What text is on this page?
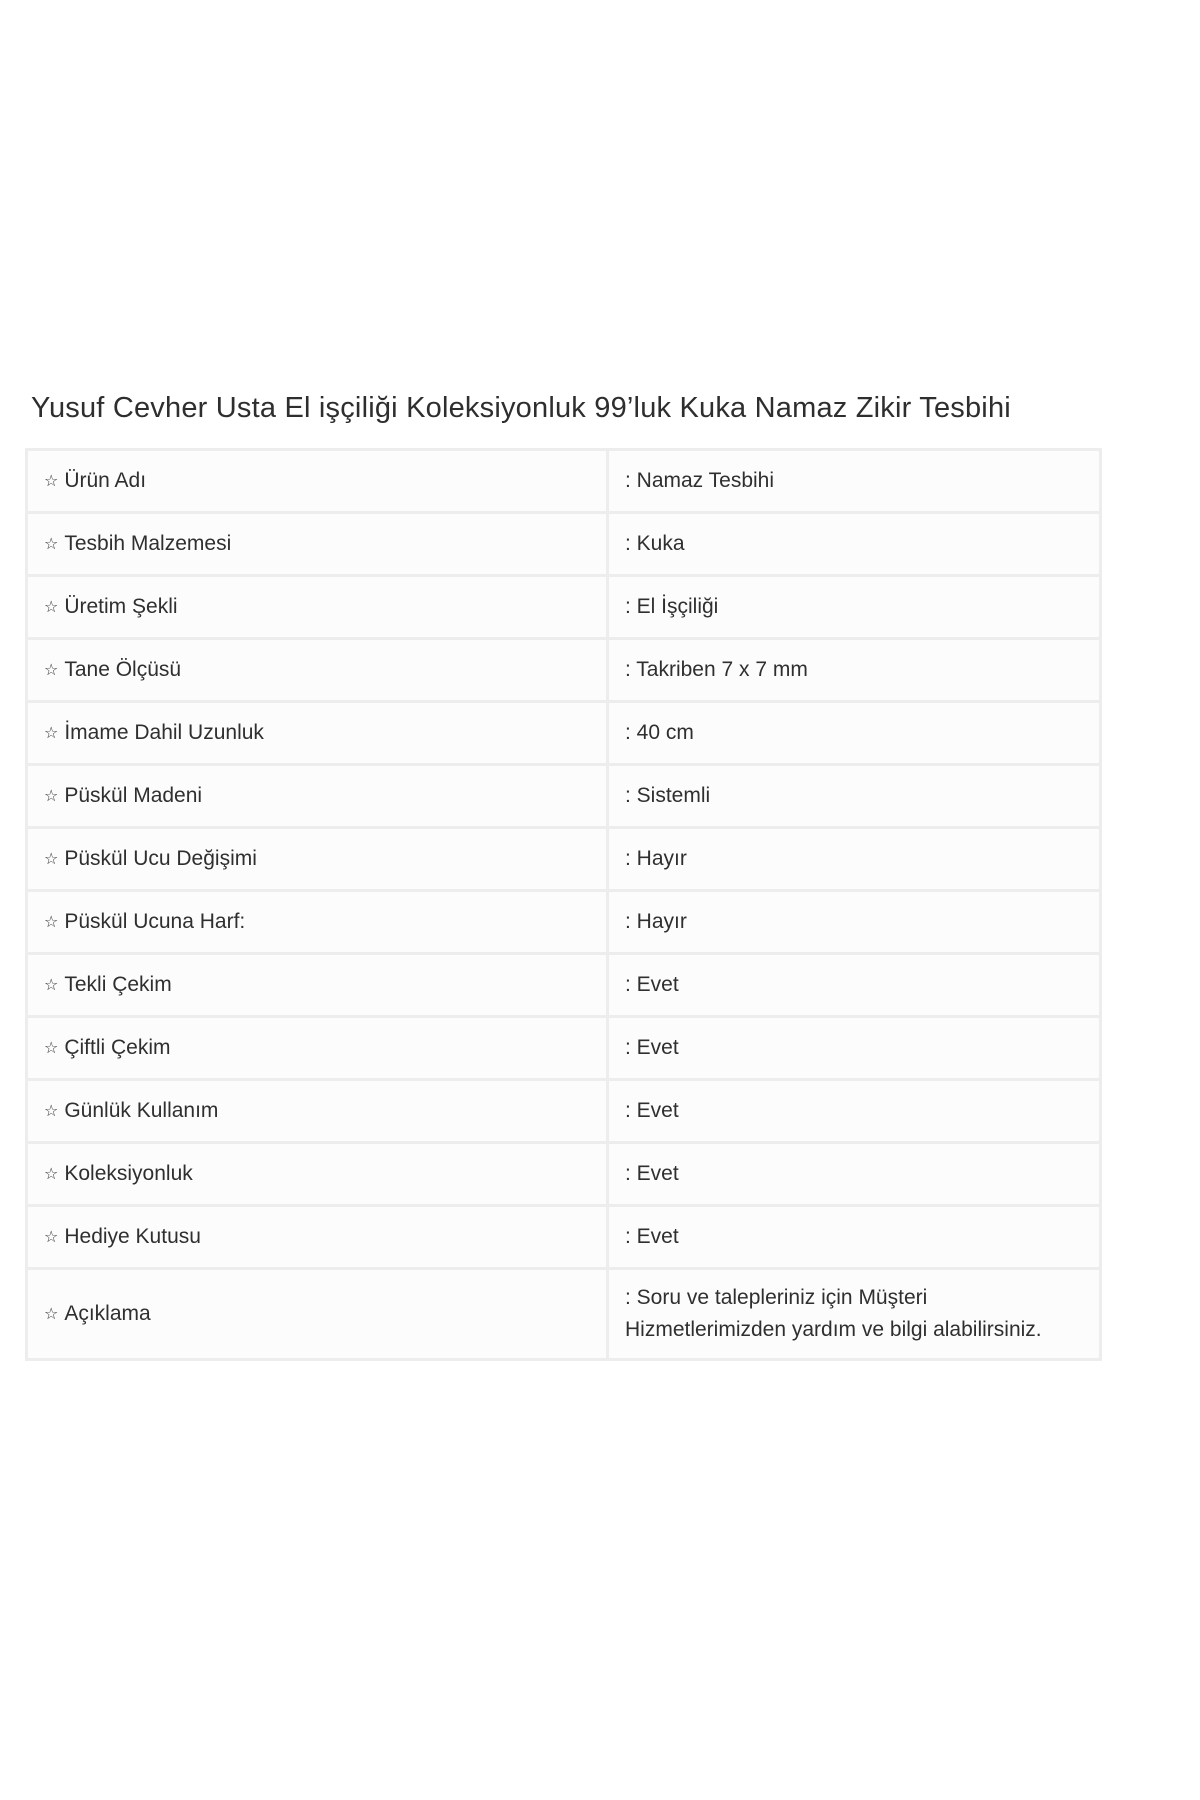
Yusuf Cevher Usta El işçiliği Koleksiyonluk 99’luk Kuka Namaz Zikir Tesbihi
☆ Ürün Adı	: Namaz Tesbihi
☆ Tesbih Malzemesi	: Kuka
☆ Üretim Şekli	: El İşçiliği
☆ Tane Ölçüsü	: Takriben 7 x 7 mm
☆ İmame Dahil Uzunluk	: 40 cm
☆ Püskül Madeni	: Sistemli
☆ Püskül Ucu Değişimi	: Hayır
☆ Püskül Ucuna Harf:	: Hayır
☆ Tekli Çekim	: Evet
☆ Çiftli Çekim	: Evet
☆ Günlük Kullanım	: Evet
☆ Koleksiyonluk	: Evet
☆ Hediye Kutusu	: Evet
☆ Açıklama	: Soru ve talepleriniz için Müşteri Hizmetlerimizden yardım ve bilgi alabilirsiniz.
